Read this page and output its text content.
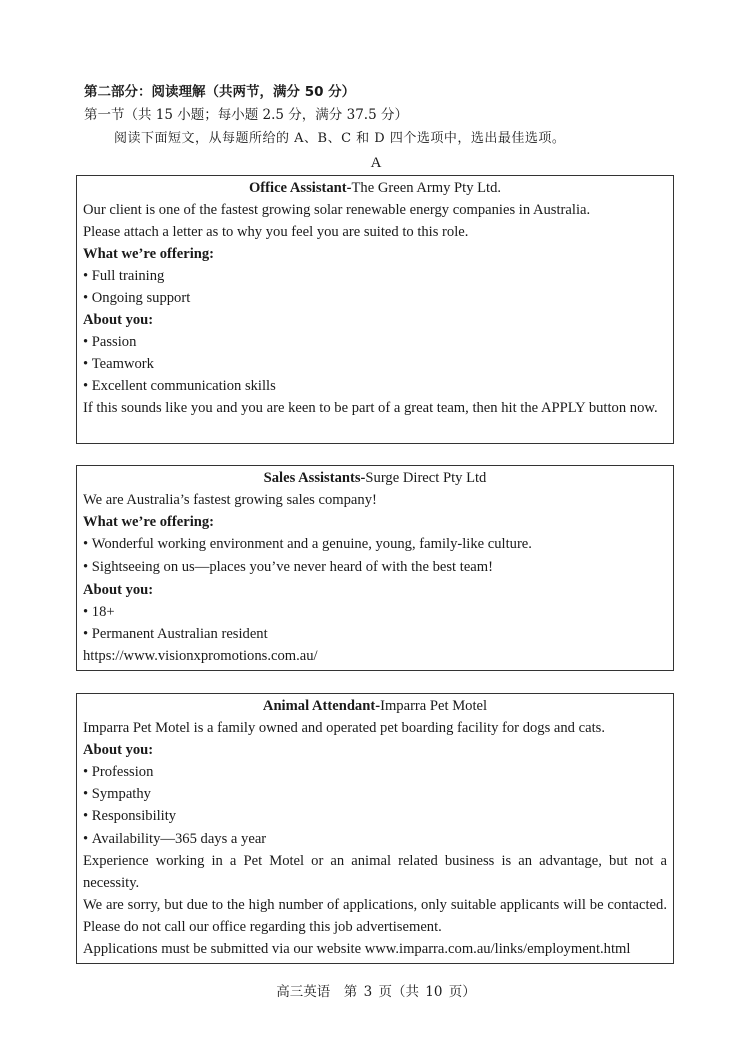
第二部分：阅读理解（共两节，满分 50 分）
第一节（共 15 小题；每小题 2.5 分，满分 37.5 分）
阅读下面短文，从每题所给的 A、B、C 和 D 四个选项中，选出最佳选项。
A
Office Assistant-The Green Army Pty Ltd.
Our client is one of the fastest growing solar renewable energy companies in Australia.
Please attach a letter as to why you feel you are suited to this role.
What we’re offering:
• Full training
• Ongoing support
About you:
• Passion
• Teamwork
• Excellent communication skills
If this sounds like you and you are keen to be part of a great team, then hit the APPLY button now.
Sales Assistants-Surge Direct Pty Ltd
We are Australia’s fastest growing sales company!
What we’re offering:
• Wonderful working environment and a genuine, young, family-like culture.
• Sightseeing on us—places you’ve never heard of with the best team!
About you:
• 18+
• Permanent Australian resident
https://www.visionxpromotions.com.au/
Animal Attendant-Imparra Pet Motel
Imparra Pet Motel is a family owned and operated pet boarding facility for dogs and cats.
About you:
• Profession
• Sympathy
• Responsibility
• Availability—365 days a year
Experience working in a Pet Motel or an animal related business is an advantage, but not a necessity.
We are sorry, but due to the high number of applications, only suitable applicants will be contacted. Please do not call our office regarding this job advertisement.
Applications must be submitted via our website www.imparra.com.au/links/employment.html
高三英语　第 3 页（共 10 页）
